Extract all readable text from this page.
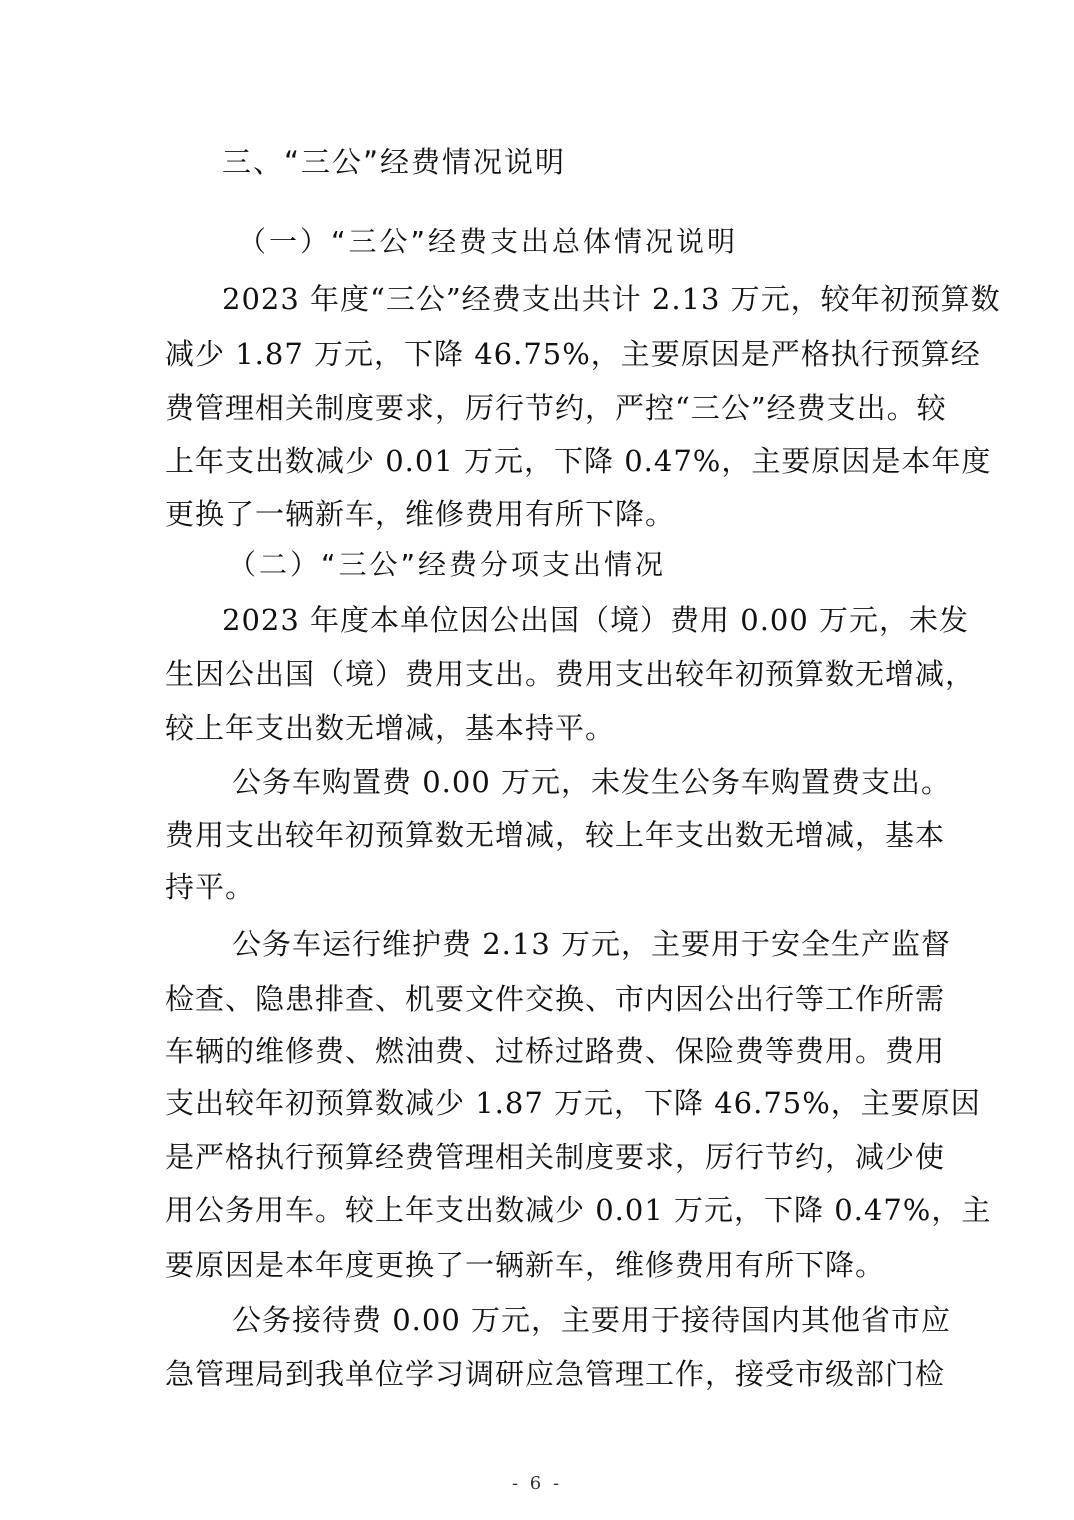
三、“三公”经费情况说明
（一）“三公”经费支出总体情况说明
2023 年度“三公”经费支出共计 2.13 万元，较年初预算数
减少 1.87 万元，下降 46.75%，主要原因是严格执行预算经
费管理相关制度要求，厉行节约，严控“三公”经费支出。较
上年支出数减少 0.01 万元，下降 0.47%，主要原因是本年度
更换了一辆新车，维修费用有所下降。
（二）“三公”经费分项支出情况
2023 年度本单位因公出国（境）费用 0.00 万元，未发
生因公出国（境）费用支出。费用支出较年初预算数无增减，
较上年支出数无增减，基本持平。
公务车购置费 0.00 万元，未发生公务车购置费支出。
费用支出较年初预算数无增减，较上年支出数无增减，基本
持平。
公务车运行维护费 2.13 万元，主要用于安全生产监督
检查、隐患排查、机要文件交换、市内因公出行等工作所需
车辆的维修费、燃油费、过桥过路费、保险费等费用。费用
支出较年初预算数减少 1.87 万元，下降 46.75%，主要原因
是严格执行预算经费管理相关制度要求，厉行节约，减少使
用公务用车。较上年支出数减少 0.01 万元，下降 0.47%，主
要原因是本年度更换了一辆新车，维修费用有所下降。
公务接待费 0.00 万元，主要用于接待国内其他省市应
急管理局到我单位学习调研应急管理工作，接受市级部门检
- 6 -
